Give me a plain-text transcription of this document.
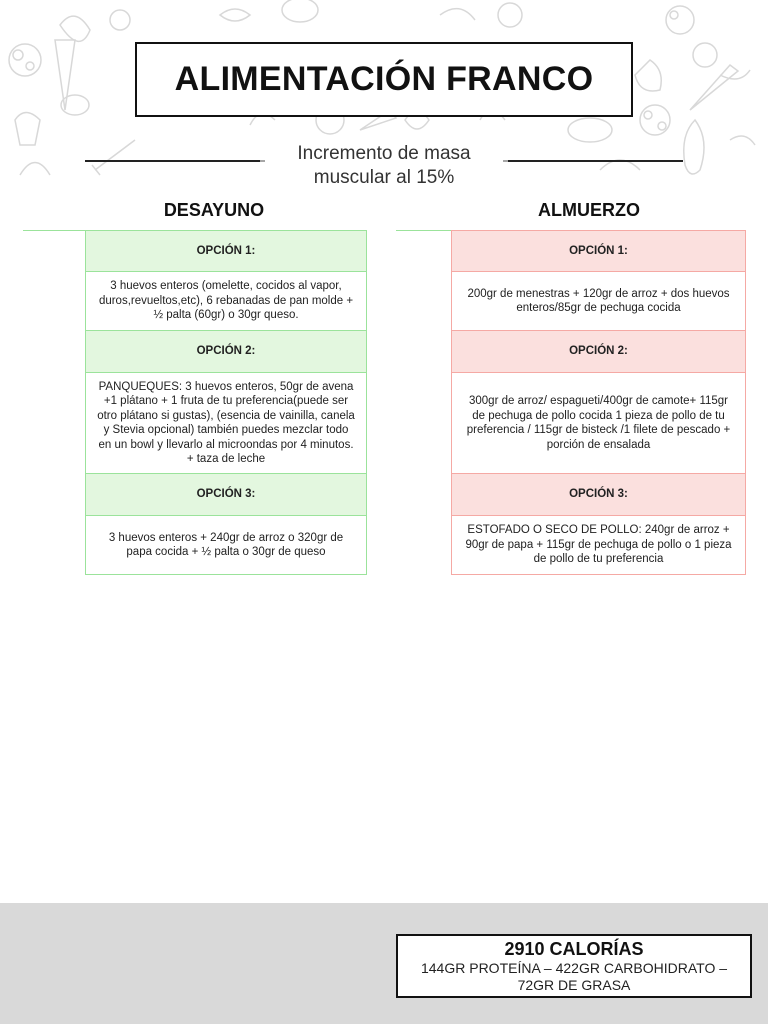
ALIMENTACIÓN FRANCO
Incremento de masa muscular al 15%
DESAYUNO
OPCIÓN 1:
3 huevos enteros (omelette, cocidos al vapor, duros,revueltos,etc), 6 rebanadas de pan molde + ½ palta (60gr) o 30gr queso.
OPCIÓN 2:
PANQUEQUES: 3 huevos enteros, 50gr de avena +1 plátano + 1 fruta de tu preferencia(puede ser otro plátano si gustas), (esencia de vainilla, canela y Stevia opcional) también puedes mezclar todo en un bowl y llevarlo al microondas por 4 minutos. + taza de leche
OPCIÓN 3:
3 huevos enteros + 240gr de arroz o 320gr de papa cocida + ½ palta o 30gr de queso
ALMUERZO
OPCIÓN 1:
200gr de menestras + 120gr de arroz + dos huevos enteros/85gr de pechuga cocida
OPCIÓN 2:
300gr de arroz/ espagueti/400gr de camote+ 115gr de pechuga de pollo cocida 1 pieza de pollo de tu preferencia / 115gr de bisteck /1 filete de pescado + porción de ensalada
OPCIÓN 3:
ESTOFADO O SECO DE POLLO: 240gr de arroz + 90gr de papa + 115gr de pechuga de pollo o 1 pieza de pollo de tu preferencia
2910 CALORÍAS
144GR PROTEÍNA – 422GR CARBOHIDRATO – 72GR DE GRASA
